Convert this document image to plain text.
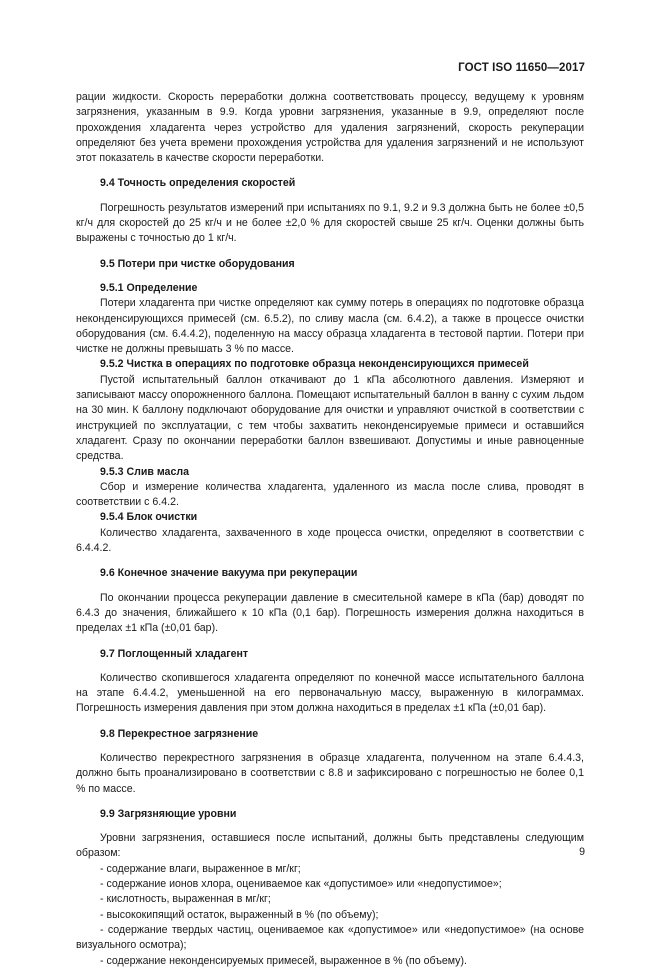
ГОСТ ISO 11650—2017

рации жидкости. Скорость переработки должна соответствовать процессу, ведущему к уровням загрязнения, указанным в 9.9. Когда уровни загрязнения, указанные в 9.9, определяют после прохождения хладагента через устройство для удаления загрязнений, скорость рекуперации определяют без учета времени прохождения устройства для удаления загрязнений и не используют этот показатель в качестве скорости переработки.

9.4 Точность определения скоростей

Погрешность результатов измерений при испытаниях по 9.1, 9.2 и 9.3 должна быть не более ±0,5 кг/ч для скоростей до 25 кг/ч и не более ±2,0 % для скоростей свыше 25 кг/ч. Оценки должны быть выражены с точностью до 1 кг/ч.

9.5 Потери при чистке оборудования

9.5.1 Определение

Потери хладагента при чистке определяют как сумму потерь в операциях по подготовке образца неконденсирующихся примесей (см. 6.5.2), по сливу масла (см. 6.4.2), а также в процессе очистки оборудования (см. 6.4.4.2), поделенную на массу образца хладагента в тестовой партии. Потери при чистке не должны превышать 3 % по массе.

9.5.2 Чистка в операциях по подготовке образца неконденсирующихся примесей

Пустой испытательный баллон откачивают до 1 кПа абсолютного давления. Измеряют и записывают массу опорожненного баллона. Помещают испытательный баллон в ванну с сухим льдом на 30 мин. К баллону подключают оборудование для очистки и управляют очисткой в соответствии с инструкцией по эксплуатации, с тем чтобы захватить неконденсируемые примеси и оставшийся хладагент. Сразу по окончании переработки баллон взвешивают. Допустимы и иные равноценные средства.

9.5.3 Слив масла

Сбор и измерение количества хладагента, удаленного из масла после слива, проводят в соответствии с 6.4.2.

9.5.4 Блок очистки

Количество хладагента, захваченного в ходе процесса очистки, определяют в соответствии с 6.4.4.2.

9.6 Конечное значение вакуума при рекуперации

По окончании процесса рекуперации давление в смесительной камере в кПа (бар) доводят по 6.4.3 до значения, ближайшего к 10 кПа (0,1 бар). Погрешность измерения должна находиться в пределах ±1 кПа (±0,01 бар).

9.7 Поглощенный хладагент

Количество скопившегося хладагента определяют по конечной массе испытательного баллона на этапе 6.4.4.2, уменьшенной на его первоначальную массу, выраженную в килограммах. Погрешность измерения давления при этом должна находиться в пределах ±1 кПа (±0,01 бар).

9.8 Перекрестное загрязнение

Количество перекрестного загрязнения в образце хладагента, полученном на этапе 6.4.4.3, должно быть проанализировано в соответствии с 8.8 и зафиксировано с погрешностью не более 0,1 % по массе.

9.9 Загрязняющие уровни

Уровни загрязнения, оставшиеся после испытаний, должны быть представлены следующим образом:

- содержание влаги, выраженное в мг/кг;

- содержание ионов хлора, оцениваемое как «допустимое» или «недопустимое»;

- кислотность, выраженная в мг/кг;

- высококипящий остаток, выраженный в % (по объему);

- содержание твердых частиц, оцениваемое как «допустимое» или «недопустимое» (на основе визуального осмотра);

- содержание неконденсируемых примесей, выраженное в % (по объему).

9
